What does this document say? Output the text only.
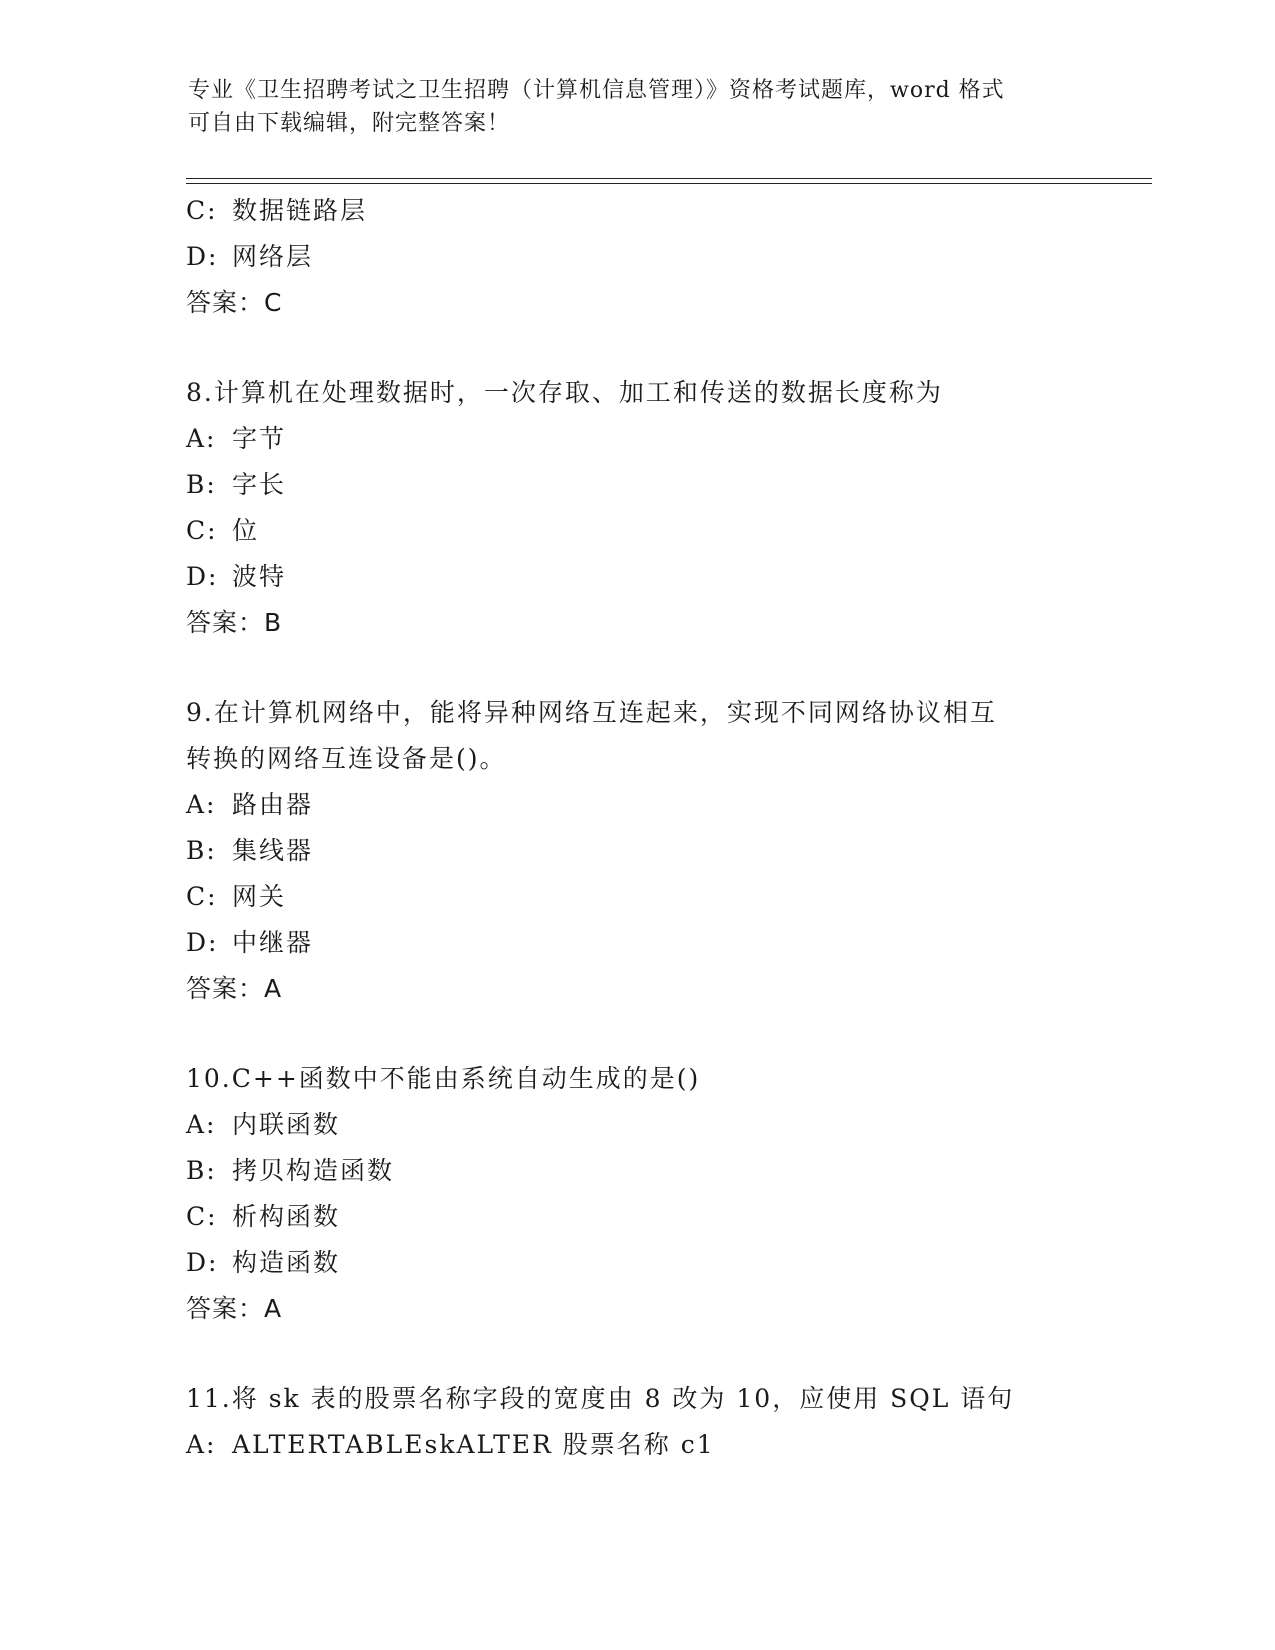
专业《卫生招聘考试之卫生招聘（计算机信息管理）》资格考试题库，word 格式
可自由下载编辑，附完整答案！
C: 数据链路层
D: 网络层
答案：C
8.计算机在处理数据时，一次存取、加工和传送的数据长度称为
A: 字节
B: 字长
C: 位
D: 波特
答案：B
9.在计算机网络中，能将异种网络互连起来，实现不同网络协议相互
转换的网络互连设备是()。
A: 路由器
B: 集线器
C: 网关
D: 中继器
答案：A
10.C++函数中不能由系统自动生成的是()
A: 内联函数
B: 拷贝构造函数
C: 析构函数
D: 构造函数
答案：A
11.将 sk 表的股票名称字段的宽度由 8 改为 10，应使用 SQL 语句
A: ALTERTABLEskALTER 股票名称 c1
